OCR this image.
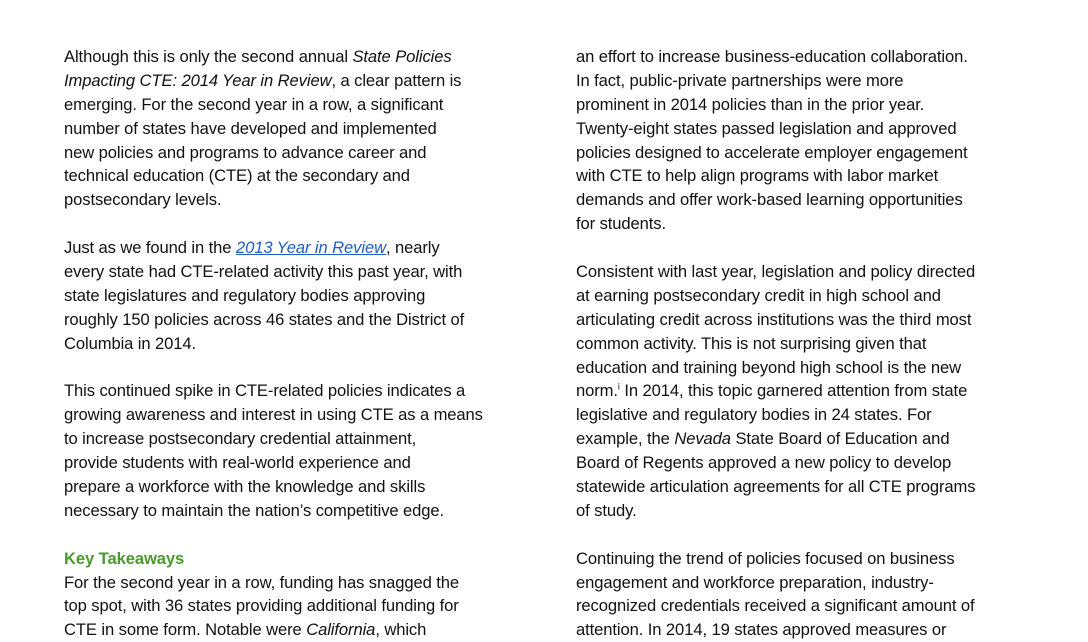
Although this is only the second annual State Policies
Impacting CTE: 2014 Year in Review, a clear pattern is
emerging. For the second year in a row, a significant
number of states have developed and implemented
new policies and programs to advance career and
technical education (CTE) at the secondary and
postsecondary levels.
Just as we found in the 2013 Year in Review, nearly
every state had CTE-related activity this past year, with
state legislatures and regulatory bodies approving
roughly 150 policies across 46 states and the District of
Columbia in 2014.
This continued spike in CTE-related policies indicates a
growing awareness and interest in using CTE as a means
to increase postsecondary credential attainment,
provide students with real-world experience and
prepare a workforce with the knowledge and skills
necessary to maintain the nation’s competitive edge.
Key Takeaways
For the second year in a row, funding has snagged the
top spot, with 36 states providing additional funding for
CTE in some form. Notable were California, which
an effort to increase business-education collaboration.
In fact, public-private partnerships were more
prominent in 2014 policies than in the prior year.
Twenty-eight states passed legislation and approved
policies designed to accelerate employer engagement
with CTE to help align programs with labor market
demands and offer work-based learning opportunities
for students.
Consistent with last year, legislation and policy directed
at earning postsecondary credit in high school and
articulating credit across institutions was the third most
common activity. This is not surprising given that
education and training beyond high school is the new
norm.$^i$ In 2014, this topic garnered attention from state
legislative and regulatory bodies in 24 states. For
example, the Nevada State Board of Education and
Board of Regents approved a new policy to develop
statewide articulation agreements for all CTE programs
of study.
Continuing the trend of policies focused on business
engagement and workforce preparation, industry-
recognized credentials received a significant amount of
attention. In 2014, 19 states approved measures or
